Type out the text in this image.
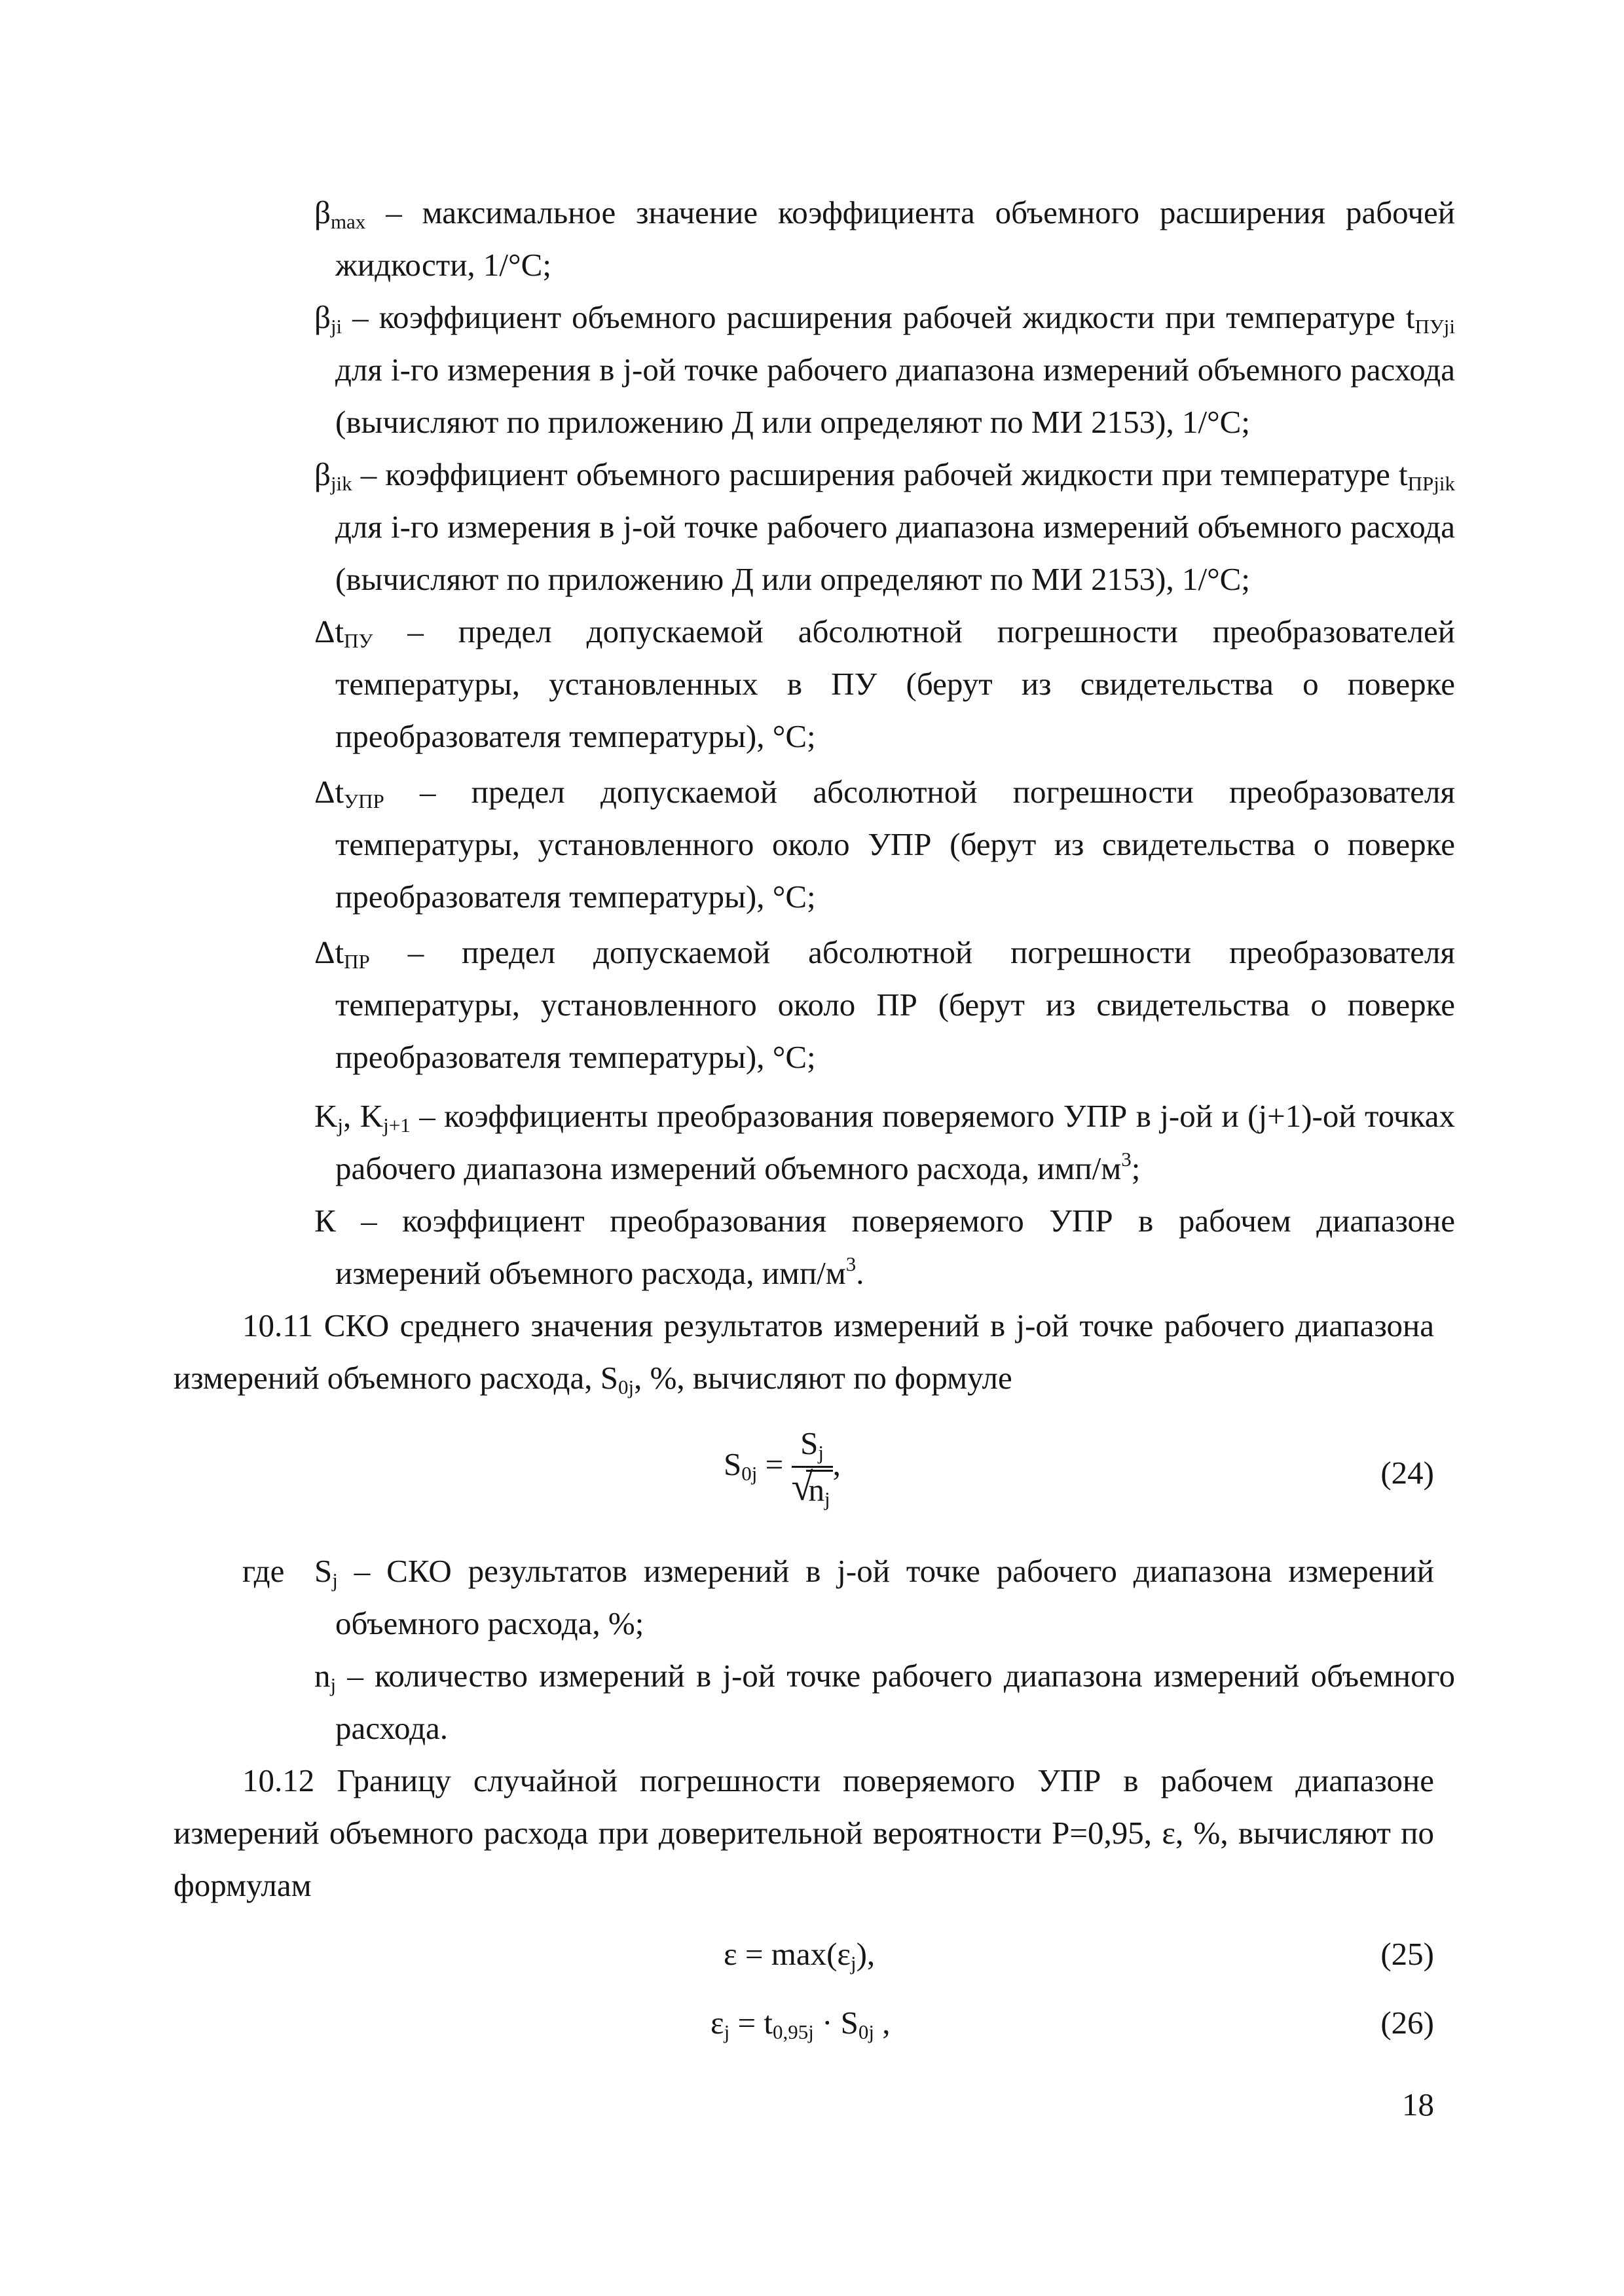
$\beta_{max}$ – максимальное значение коэффициента объемного расширения рабочей жидкости, 1/°С;
$\beta_{ji}$ – коэффициент объемного расширения рабочей жидкости при температуре $t_{ПУji}$ для i-го измерения в j-ой точке рабочего диапазона измерений объемного расхода (вычисляют по приложению Д или определяют по МИ 2153), 1/°С;
$\beta_{jik}$ – коэффициент объемного расширения рабочей жидкости при температуре $t_{ПРjik}$ для i-го измерения в j-ой точке рабочего диапазона измерений объемного расхода (вычисляют по приложению Д или определяют по МИ 2153), 1/°С;
$\Delta t_{ПУ}$ – предел допускаемой абсолютной погрешности преобразователей температуры, установленных в ПУ (берут из свидетельства о поверке преобразователя температуры), °С;
$\Delta t_{УПР}$ – предел допускаемой абсолютной погрешности преобразователя температуры, установленного около УПР (берут из свидетельства о поверке преобразователя температуры), °С;
$\Delta t_{ПР}$ – предел допускаемой абсолютной погрешности преобразователя температуры, установленного около ПР (берут из свидетельства о поверке преобразователя температуры), °С;
$K_j$, $K_{j+1}$ – коэффициенты преобразования поверяемого УПР в j-ой и (j+1)-ой точках рабочего диапазона измерений объемного расхода, имп/$м^3$;
К – коэффициент преобразования поверяемого УПР в рабочем диапазоне измерений объемного расхода, имп/$м^3$.
10.11 СКО среднего значения результатов измерений в j-ой точке рабочего диапазона измерений объемного расхода, $S_{0j}$, %, вычисляют по формуле
$S_{0j} = S_j$
√
$n_j$ ,	(24)
где $S_j$ – СКО результатов измерений в j-ой точке рабочего диапазона измерений объемного расхода, %;
$n_j$ – количество измерений в j-ой точке рабочего диапазона измерений объемного расхода.
10.12 Границу случайной погрешности поверяемого УПР в рабочем диапазоне измерений объемного расхода при доверительной вероятности Р=0,95, ε, %, вычисляют по формулам
$\varepsilon = \max(\varepsilon_j)$,	(25)
$\varepsilon_j = t_{0,95j} \cdot S_{0j}$ ,	(26)
18
